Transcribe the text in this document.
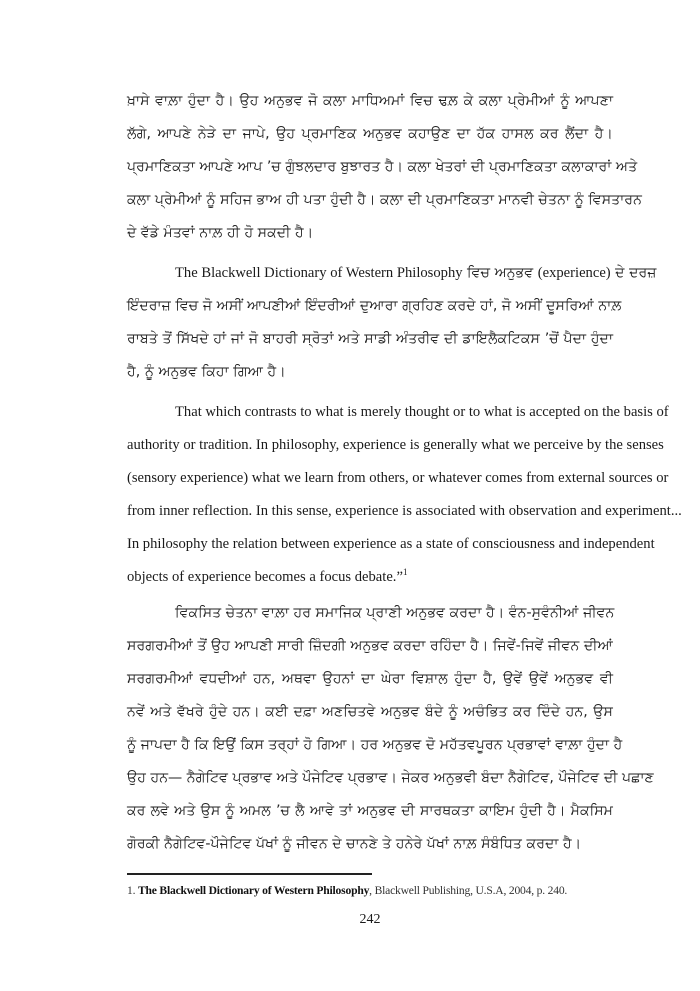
ਖ਼ਾਸੇ ਵਾਲ਼ਾ ਹੁੰਦਾ ਹੈ। ਉਹ ਅਨੁਭਵ ਜੋ ਕਲਾ ਮਾਧਿਅਮਾਂ ਵਿਚ ਢਲ਼ ਕੇ ਕਲਾ ਪ੍ਰੇਮੀਆਂ ਨੂੰ ਆਪਣਾ
ਲੱਗੇ, ਆਪਣੇ ਨੇੜੇ ਦਾ ਜਾਪੇ, ਉਹ ਪ੍ਰਮਾਣਿਕ ਅਨੁਭਵ ਕਹਾਉਣ ਦਾ ਹੱਕ ਹਾਸਲ ਕਰ ਲੈਂਦਾ ਹੈ।
ਪ੍ਰਮਾਣਿਕਤਾ ਆਪਣੇ ਆਪ ’ਚ ਗੁੰਝਲਦਾਰ ਬੁਝਾਰਤ ਹੈ। ਕਲਾ ਖੇਤਰਾਂ ਦੀ ਪ੍ਰਮਾਣਿਕਤਾ ਕਲਾਕਾਰਾਂ ਅਤੇ
ਕਲਾ ਪ੍ਰੇਮੀਆਂ ਨੂੰ ਸਹਿਜ ਭਾਅ ਹੀ ਪਤਾ ਹੁੰਦੀ ਹੈ। ਕਲਾ ਦੀ ਪ੍ਰਮਾਣਿਕਤਾ ਮਾਨਵੀ ਚੇਤਨਾ ਨੂੰ ਵਿਸਤਾਰਨ
ਦੇ ਵੱਡੇ ਮੰਤਵਾਂ ਨਾਲ਼ ਹੀ ਹੋ ਸਕਦੀ ਹੈ।
The Blackwell Dictionary of Western Philosophy ਵਿਚ ਅਨੁਭਵ (experience) ਦੇ ਦਰਜ਼
ਇੰਦਰਾਜ਼ ਵਿਚ ਜੋ ਅਸੀਂ ਆਪਣੀਆਂ ਇੰਦਰੀਆਂ ਦੁਆਰਾ ਗ੍ਰਹਿਣ ਕਰਦੇ ਹਾਂ, ਜੋ ਅਸੀਂ ਦੂਸਰਿਆਂ ਨਾਲ਼
ਰਾਬਤੇ ਤੋਂ ਸਿੱਖਦੇ ਹਾਂ ਜਾਂ ਜੋ ਬਾਹਰੀ ਸ੍ਰੋਤਾਂ ਅਤੇ ਸਾਡੀ ਅੰਤਰੀਵ ਦੀ ਡਾਇਲੈਕਟਿਕਸ ’ਚੋਂ ਪੈਦਾ ਹੁੰਦਾ
ਹੈ, ਨੂੰ ਅਨੁਭਵ ਕਿਹਾ ਗਿਆ ਹੈ।
That which contrasts to what is merely thought or to what is accepted on the basis of
authority or tradition. In philosophy, experience is generally what we perceive by the senses
(sensory experience) what we learn from others, or whatever comes from external sources or
from inner reflection. In this sense, experience is associated with observation and experiment...
In philosophy the relation between experience as a state of consciousness and independent
objects of experience becomes a focus debate.”$^1$
ਵਿਕਸਿਤ ਚੇਤਨਾ ਵਾਲ਼ਾ ਹਰ ਸਮਾਜਿਕ ਪ੍ਰਾਣੀ ਅਨੁਭਵ ਕਰਦਾ ਹੈ। ਵੰਨ-ਸੁਵੰਨੀਆਂ ਜੀਵਨ
ਸਰਗਰਮੀਆਂ ਤੋਂ ਉਹ ਆਪਣੀ ਸਾਰੀ ਜ਼ਿੰਦਗੀ ਅਨੁਭਵ ਕਰਦਾ ਰਹਿੰਦਾ ਹੈ। ਜਿਵੇਂ-ਜਿਵੇਂ ਜੀਵਨ ਦੀਆਂ
ਸਰਗਰਮੀਆਂ ਵਧਦੀਆਂ ਹਨ, ਅਥਵਾ ਉਹਨਾਂ ਦਾ ਘੇਰਾ ਵਿਸ਼ਾਲ ਹੁੰਦਾ ਹੈ, ਉਵੇਂ ਉਵੇਂ ਅਨੁਭਵ ਵੀ
ਨਵੇਂ ਅਤੇ ਵੱਖਰੇ ਹੁੰਦੇ ਹਨ। ਕਈ ਦਫ਼ਾ ਅਣਚਿਤਵੇ ਅਨੁਭਵ ਬੰਦੇ ਨੂੰ ਅਚੰਭਿਤ ਕਰ ਦਿੰਦੇ ਹਨ, ਉਸ
ਨੂੰ ਜਾਪਦਾ ਹੈ ਕਿ ਇਉਂ ਕਿਸ ਤਰ੍ਹਾਂ ਹੋ ਗਿਆ। ਹਰ ਅਨੁਭਵ ਦੋ ਮਹੱਤਵਪੂਰਨ ਪ੍ਰਭਾਵਾਂ ਵਾਲ਼ਾ ਹੁੰਦਾ ਹੈ
ਉਹ ਹਨ— ਨੈਗੇਟਿਵ ਪ੍ਰਭਾਵ ਅਤੇ ਪੌਜੇਟਿਵ ਪ੍ਰਭਾਵ। ਜੇਕਰ ਅਨੁਭਵੀ ਬੰਦਾ ਨੈਗੇਟਿਵ, ਪੌਜੇਟਿਵ ਦੀ ਪਛਾਣ
ਕਰ ਲਵੇ ਅਤੇ ਉਸ ਨੂੰ ਅਮਲ ’ਚ ਲੈ ਆਵੇ ਤਾਂ ਅਨੁਭਵ ਦੀ ਸਾਰਥਕਤਾ ਕਾਇਮ ਹੁੰਦੀ ਹੈ। ਮੈਕਸਿਮ
ਗੋਰਕੀ ਨੈਗੇਟਿਵ-ਪੌਜੇਟਿਵ ਪੱਖਾਂ ਨੂੰ ਜੀਵਨ ਦੇ ਚਾਨਣੇ ਤੇ ਹਨੇਰੇ ਪੱਖਾਂ ਨਾਲ਼ ਸੰਬੰਧਿਤ ਕਰਦਾ ਹੈ।
1. The Blackwell Dictionary of Western Philosophy, Blackwell Publishing, U.S.A, 2004, p. 240.
242
